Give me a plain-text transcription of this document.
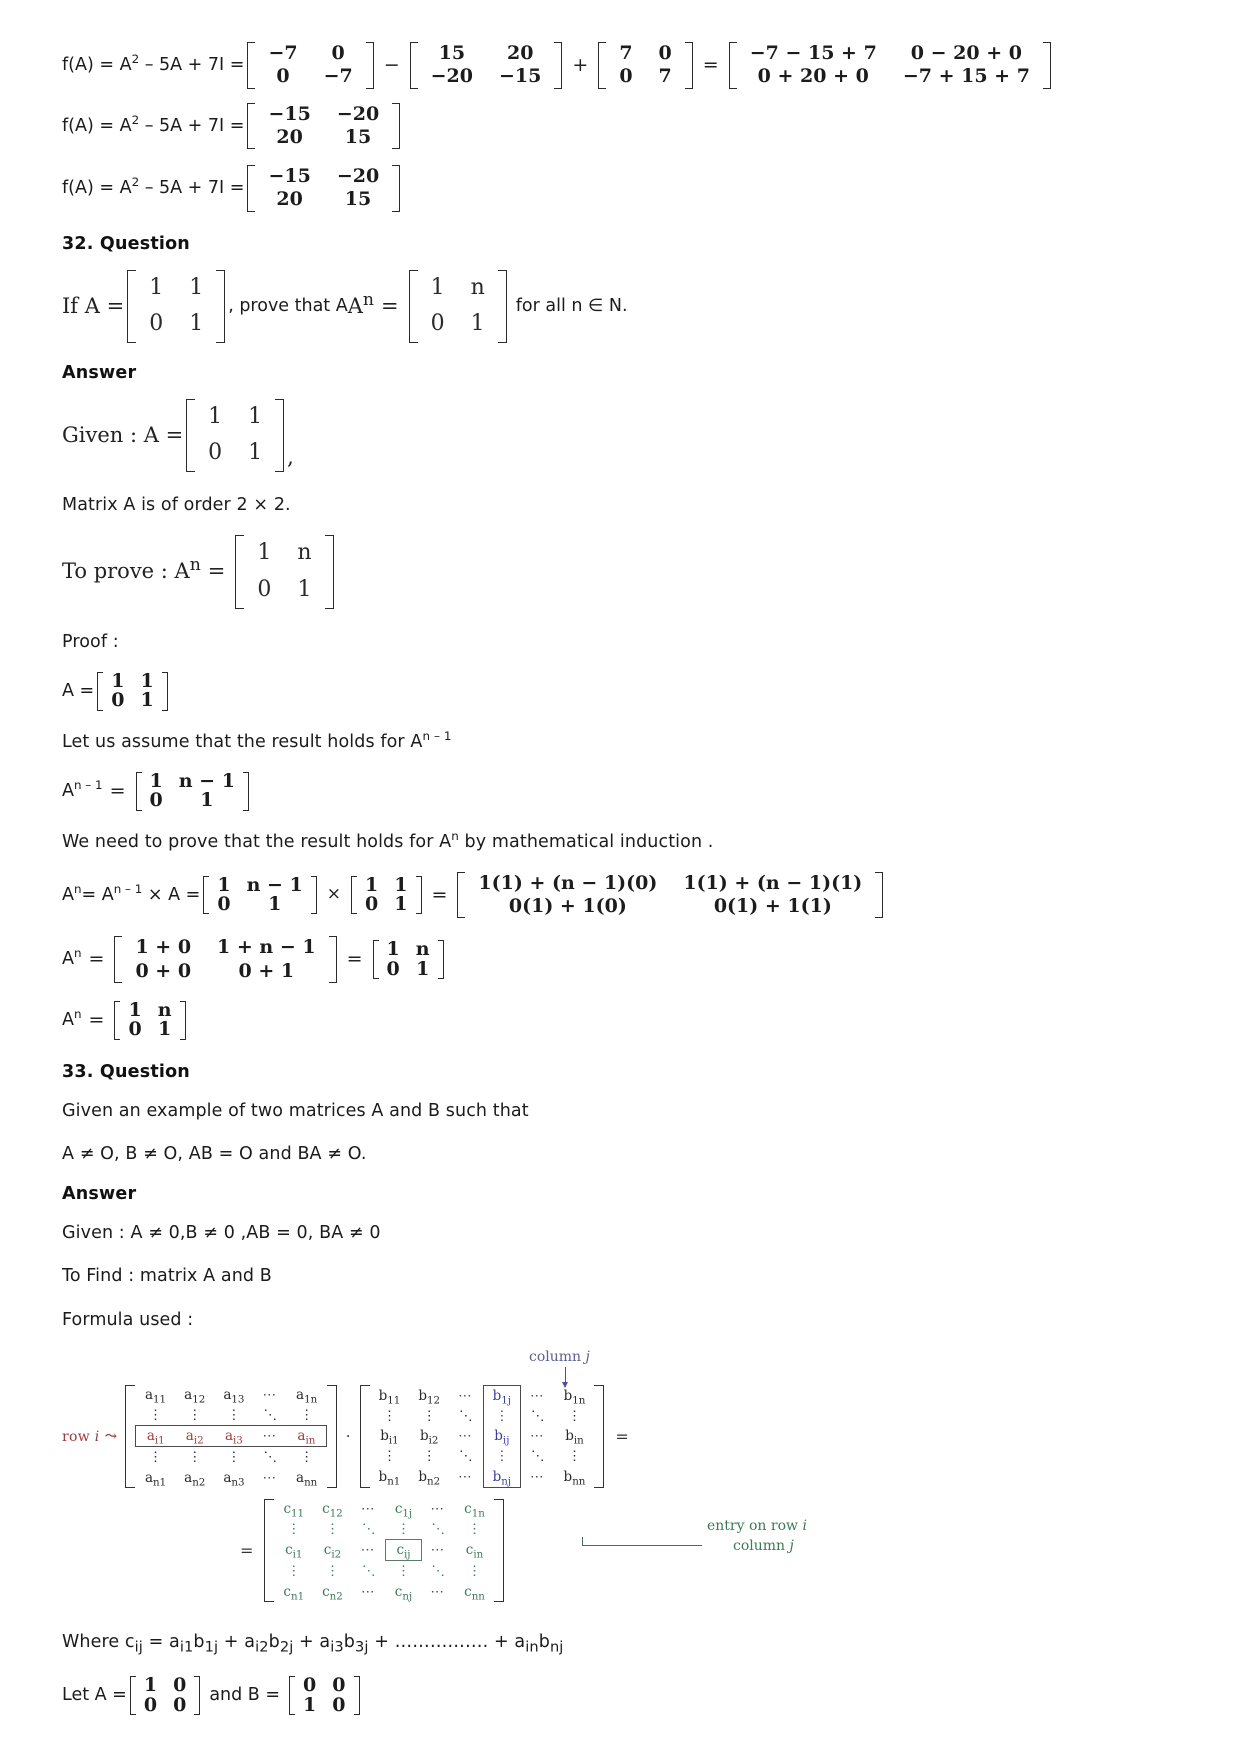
$f(A) = A^2 - 5A + 7I$ =
−7	0
0	−7
−
15	20
−20	−15
+
7	0
0	7
=
−7 − 15 + 7	0 − 20 + 0
0 + 20 + 0	−7 + 15 + 7
$f(A) = A^2 - 5A + 7I$ =
−15	−20
20	15
$f(A) = A^2 - 5A + 7I$ =
−15	−20
20	15
32. Question
If A =
1	1
0	1
, prove that A $A^n$ =
1	n
0	1
for all n ∈ N.
Answer
Given : A =
1	1
0	1 ,
Matrix A is of order 2 × 2.
To prove : $A^n$ =
1	n
0	1
Proof :
A = 1	1
0	1
Let us assume that the result holds for $A^{n - 1}$
$A^{n - 1} = 1$	n − 1
0	1
We need to prove that the result holds for $A^n$ by mathematical induction .
$A^n= A^{n - 1} \times A = 1$	n − 1
0	1	× 1	1
0	1 =
1(1) + (n − 1)(0)	1(1) + (n − 1)(1)
0(1) + 1(0)	0(1) + 1(1)
$A^n$ =
1 + 0	1 + n − 1
0 + 0	0 + 1
= 1	n
0	1
$A^n = 1$	n
0	1
33. Question
Given an example of two matrices A and B such that
A ≠ O, B ≠ O, AB = O and BA ≠ O.
Answer
Given : A ≠ 0,B ≠ 0 ,AB = 0, BA ≠ 0
To Find : matrix A and B
Formula used :
column j
row i ⤳
$a_{11}$	$a_{12}$	$a_{13}$	⋯	$a_{1n}$
⋮	⋮	⋮	⋱	⋮
$a_{i1}$	$a_{i2}$	$a_{i3}$	⋯	$a_{in}$
⋮	⋮	⋮	⋱	⋮
$a_{n1}$	$a_{n2}$	$a_{n3}$	⋯	$a_{nn}$
·
$b_{11}$	$b_{12}$	⋯	$b_{1j}$	⋯	$b_{1n}$
⋮	⋮	⋱	⋮	⋱	⋮
$b_{i1}$	$b_{i2}$	⋯	$b_{ij}$	⋯	$b_{in}$
⋮	⋮	⋱	⋮	⋱	⋮
$b_{n1}$	$b_{n2}$	⋯	$b_{nj}$	⋯	$b_{nn}$
=
=
$c_{11}$	$c_{12}$	⋯	$c_{1j}$	⋯	$c_{1n}$
⋮	⋮	⋱	⋮	⋱	⋮
$c_{i1}$	$c_{i2}$	⋯	$c_{ij}$	⋯	$c_{in}$
⋮	⋮	⋱	⋮	⋱	⋮
$c_{n1}$	$c_{n2}$	⋯	$c_{nj}$	⋯	$c_{nn}$
entry on row i
column j
Where $c_{ij} = a_{i1}b_{1j} + a_{i2}b_{2j} + a_{i3}b_{3j}$ + ……………. + $a_{in}b_{nj}$
Let A = 1	0
0	0 and B = 0	0
1	0
